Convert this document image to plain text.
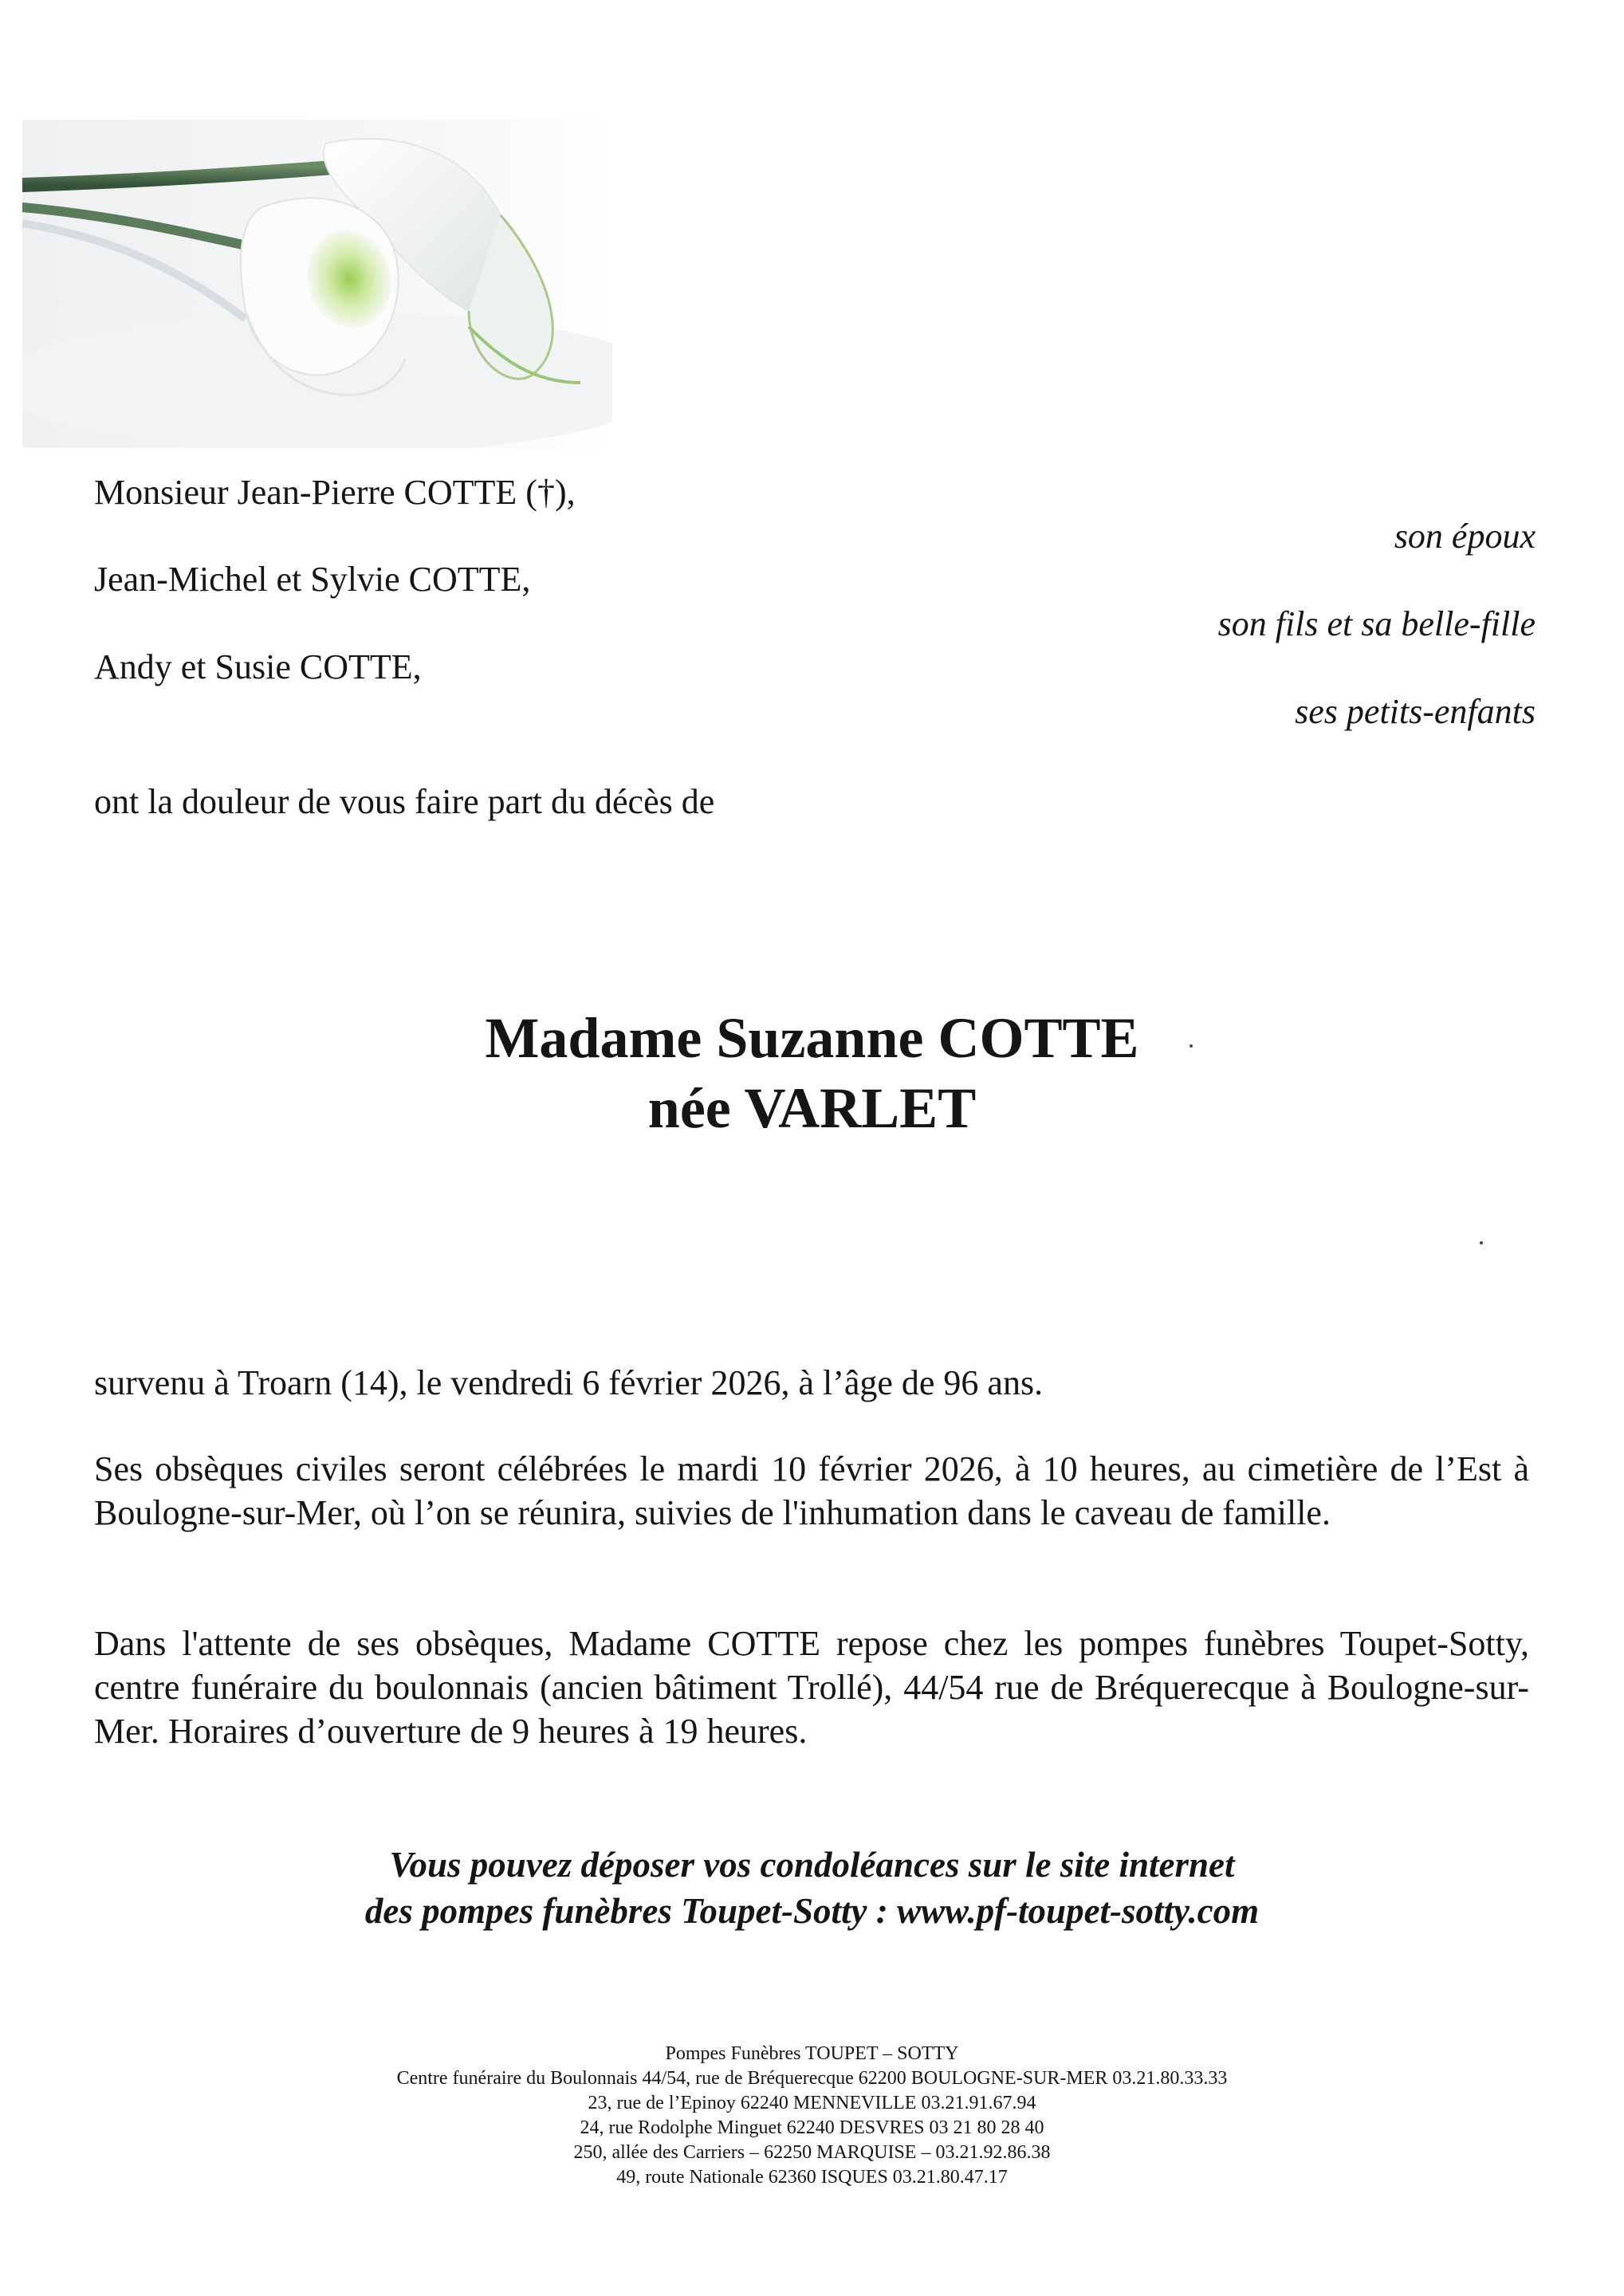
Monsieur Jean-Pierre COTTE (†),
Jean-Michel et Sylvie COTTE,
Andy et Susie COTTE,
son époux
son fils et sa belle-fille
ses petits-enfants
ont la douleur de vous faire part du décès de
Madame Suzanne COTTE
née VARLET
survenu à Troarn (14), le vendredi 6 février 2026, à l’âge de 96 ans.
Ses obsèques civiles seront célébrées le mardi 10 février 2026, à 10 heures, au cimetière de l’Est à Boulogne-sur-Mer, où l’on se réunira, suivies de l'inhumation dans le caveau de famille.
Dans l'attente de ses obsèques, Madame COTTE repose chez les pompes funèbres Toupet-Sotty, centre funéraire du boulonnais (ancien bâtiment Trollé), 44/54 rue de Bréquerecque à Boulogne-sur-Mer. Horaires d’ouverture de 9 heures à 19 heures.
Vous pouvez déposer vos condoléances sur le site internet
des pompes funèbres Toupet-Sotty : www.pf-toupet-sotty.com
Pompes Funèbres TOUPET – SOTTY
Centre funéraire du Boulonnais 44/54, rue de Bréquerecque 62200 BOULOGNE-SUR-MER 03.21.80.33.33
23, rue de l’Epinoy 62240 MENNEVILLE 03.21.91.67.94
24, rue Rodolphe Minguet 62240 DESVRES 03 21 80 28 40
250, allée des Carriers – 62250 MARQUISE – 03.21.92.86.38
49, route Nationale 62360 ISQUES 03.21.80.47.17
